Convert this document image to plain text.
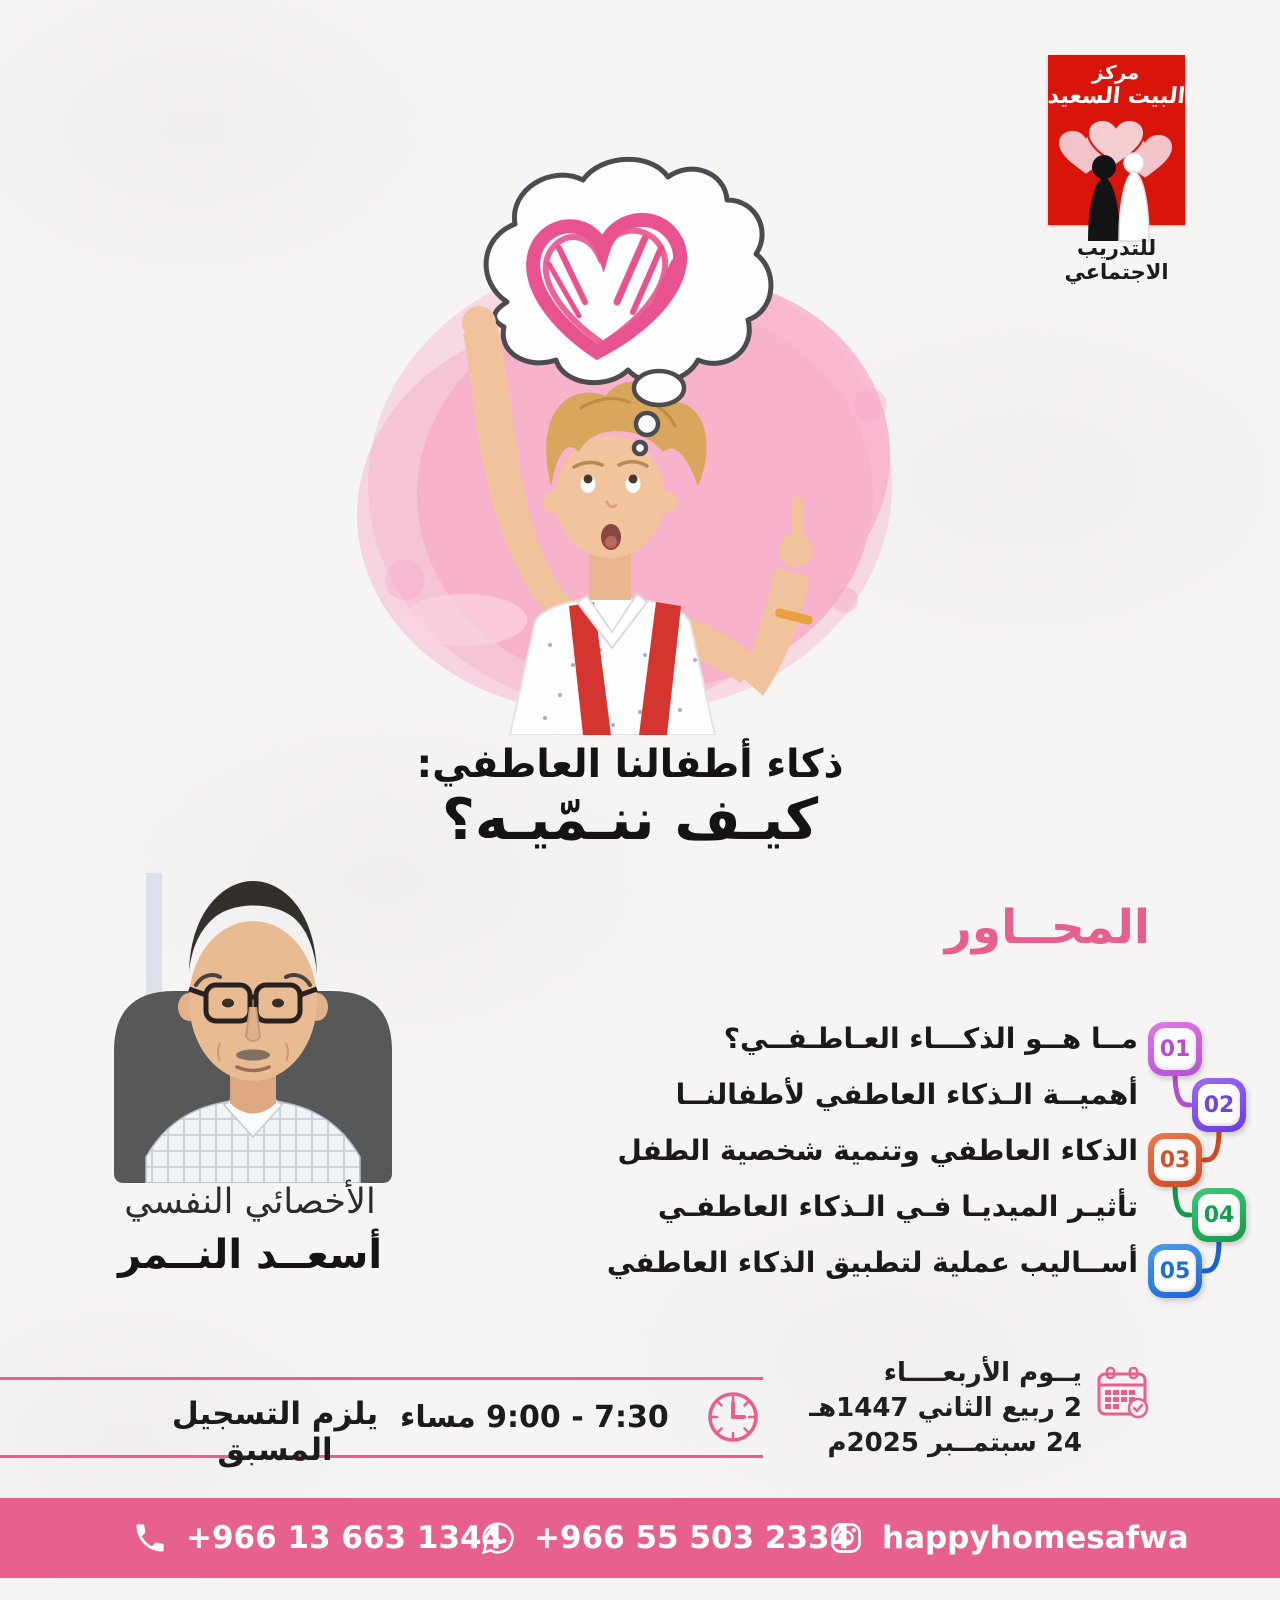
مركز
البيت السعيد
للتدريب الاجتماعي
ذكاء أطفالنا العاطفي:
كيـف ننـمّيـه؟
المحــاور
مــا هــو الذكـــاء العـاطـفــي؟
أهميــة الـذكاء العاطفي لأطفالنــا
الذكاء العاطفي وتنمية شخصية الطفل
تأثيـر الميديـا فـي الـذكاء العاطفـي
أســاليب عملية لتطبيق الذكاء العاطفي
01
02
03
04
05
الأخصائي النفسي
أسعــد النــمر
7:30 - 9:00 مساء
يلزم التسجيل المسبق
يــوم الأربعــــاء
2 ربيع الثاني 1447هـ
24 سبتمــبر 2025م
+966 13 663 1344 +966 55 503 2334 happyhomesafwa
